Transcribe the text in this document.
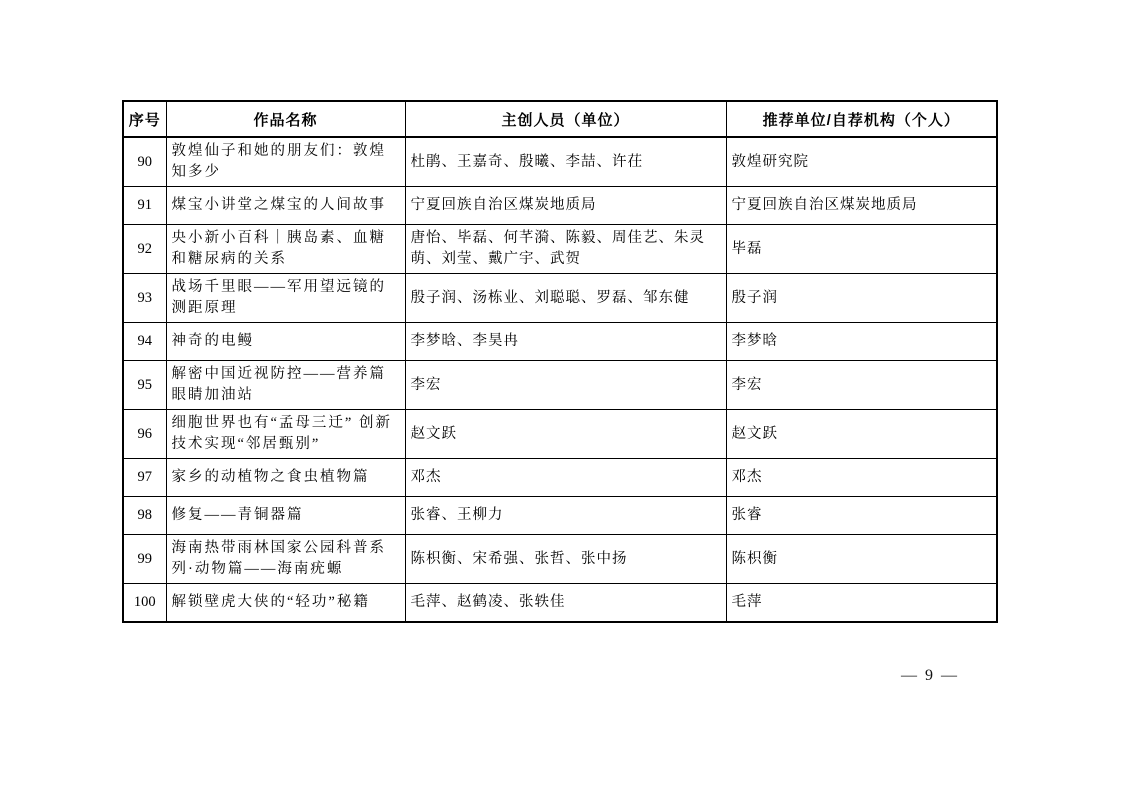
序号	作品名称	主创人员（单位）	推荐单位/自荐机构（个人）
90	敦煌仙子和她的朋友们：敦煌知多少	杜鹃、王嘉奇、殷曦、李喆、许茌	敦煌研究院
91	煤宝小讲堂之煤宝的人间故事	宁夏回族自治区煤炭地质局	宁夏回族自治区煤炭地质局
92	央小新小百科｜胰岛素、血糖和糖尿病的关系	唐怡、毕磊、何芊漪、陈毅、周佳艺、朱灵萌、刘莹、戴广宇、武贺	毕磊
93	战场千里眼——军用望远镜的测距原理	殷子润、汤栋业、刘聪聪、罗磊、邹东健	殷子润
94	神奇的电鳗	李梦晗、李昊冉	李梦晗
95	解密中国近视防控——营养篇眼睛加油站	李宏	李宏
96	细胞世界也有“孟母三迁” 创新技术实现“邻居甄别”	赵文跃	赵文跃
97	家乡的动植物之食虫植物篇	邓杰	邓杰
98	修复——青铜器篇	张睿、王柳力	张睿
99	海南热带雨林国家公园科普系列·动物篇——海南疣螈	陈枳衡、宋希强、张哲、张中扬	陈枳衡
100	解锁壁虎大侠的“轻功”秘籍	毛萍、赵鹤凌、张轶佳	毛萍
— 9 —
